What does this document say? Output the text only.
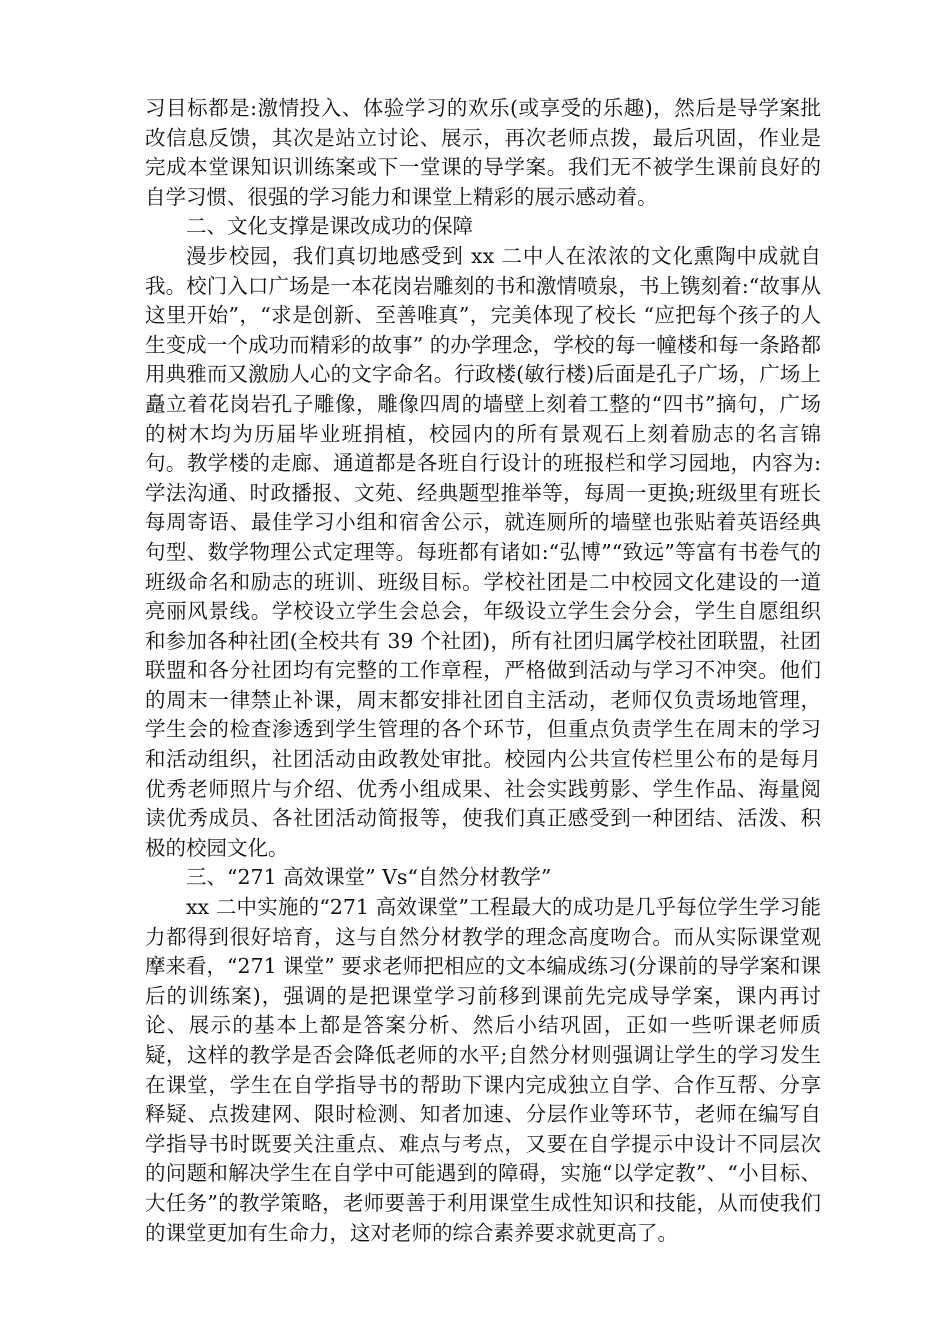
习目标都是:激情投入、体验学习的欢乐(或享受的乐趣)，然后是导学案批改信息反馈，其次是站立讨论、展示，再次老师点拨，最后巩固，作业是完成本堂课知识训练案或下一堂课的导学案。我们无不被学生课前良好的自学习惯、很强的学习能力和课堂上精彩的展示感动着。

二、文化支撑是课改成功的保障

漫步校园，我们真切地感受到 xx 二中人在浓浓的文化熏陶中成就自我。校门入口广场是一本花岗岩雕刻的书和激情喷泉，书上镌刻着:“故事从这里开始”，“求是创新、至善唯真”，完美体现了校长 “应把每个孩子的人生变成一个成功而精彩的故事” 的办学理念，学校的每一幢楼和每一条路都用典雅而又激励人心的文字命名。行政楼(敏行楼)后面是孔子广场，广场上矗立着花岗岩孔子雕像，雕像四周的墙壁上刻着工整的“四书”摘句，广场的树木均为历届毕业班捐植，校园内的所有景观石上刻着励志的名言锦句。教学楼的走廊、通道都是各班自行设计的班报栏和学习园地，内容为:学法沟通、时政播报、文苑、经典题型推举等，每周一更换;班级里有班长每周寄语、最佳学习小组和宿舍公示，就连厕所的墙壁也张贴着英语经典句型、数学物理公式定理等。每班都有诸如:“弘博”“致远”等富有书卷气的班级命名和励志的班训、班级目标。学校社团是二中校园文化建设的一道亮丽风景线。学校设立学生会总会，年级设立学生会分会，学生自愿组织和参加各种社团(全校共有 39 个社团)，所有社团归属学校社团联盟，社团联盟和各分社团均有完整的工作章程，严格做到活动与学习不冲突。他们的周末一律禁止补课，周末都安排社团自主活动，老师仅负责场地管理，学生会的检查渗透到学生管理的各个环节，但重点负责学生在周末的学习和活动组织，社团活动由政教处审批。校园内公共宣传栏里公布的是每月优秀老师照片与介绍、优秀小组成果、社会实践剪影、学生作品、海量阅读优秀成员、各社团活动简报等，使我们真正感受到一种团结、活泼、积极的校园文化。

三、“271 高效课堂” Vs“自然分材教学”

xx 二中实施的“271 高效课堂”工程最大的成功是几乎每位学生学习能力都得到很好培育，这与自然分材教学的理念高度吻合。而从实际课堂观摩来看，“271 课堂” 要求老师把相应的文本编成练习(分课前的导学案和课后的训练案)，强调的是把课堂学习前移到课前先完成导学案，课内再讨论、展示的基本上都是答案分析、然后小结巩固，正如一些听课老师质疑，这样的教学是否会降低老师的水平;自然分材则强调让学生的学习发生在课堂，学生在自学指导书的帮助下课内完成独立自学、合作互帮、分享释疑、点拨建网、限时检测、知者加速、分层作业等环节，老师在编写自学指导书时既要关注重点、难点与考点，又要在自学提示中设计不同层次的问题和解决学生在自学中可能遇到的障碍，实施“以学定教”、“小目标、大任务”的教学策略，老师要善于利用课堂生成性知识和技能，从而使我们的课堂更加有生命力，这对老师的综合素养要求就更高了。
